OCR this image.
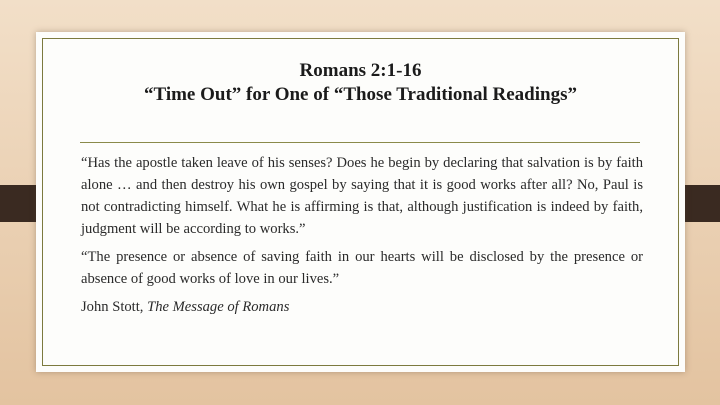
Romans 2:1-16

“Time Out” for One of “Those Traditional Readings”

“Has the apostle taken leave of his senses? Does he begin by declaring that salvation is by faith alone … and then destroy his own gospel by saying that it is good works after all? No, Paul is not contradicting himself. What he is affirming is that, although justification is indeed by faith, judgment will be according to works.”

“The presence or absence of saving faith in our hearts will be disclosed by the presence or absence of good works of love in our lives.”

John Stott, The Message of Romans
